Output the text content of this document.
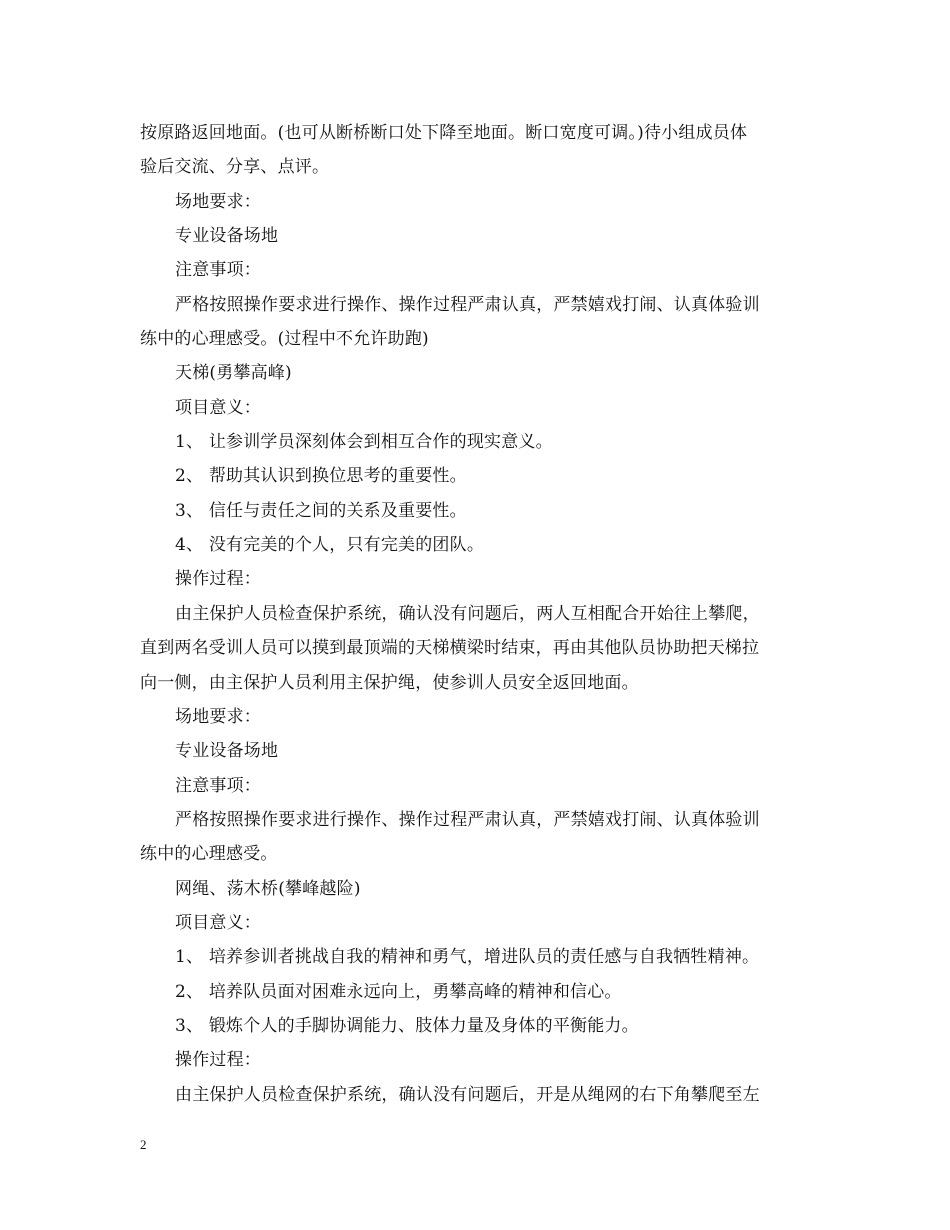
按原路返回地面。(也可从断桥断口处下降至地面。断口宽度可调。)待小组成员体
验后交流、分享、点评。
场地要求：
专业设备场地
注意事项：
严格按照操作要求进行操作、操作过程严肃认真，严禁嬉戏打闹、认真体验训
练中的心理感受。(过程中不允许助跑)
天梯(勇攀高峰)
项目意义：
1、 让参训学员深刻体会到相互合作的现实意义。
2、 帮助其认识到换位思考的重要性。
3、 信任与责任之间的关系及重要性。
4、 没有完美的个人，只有完美的团队。
操作过程：
由主保护人员检查保护系统，确认没有问题后，两人互相配合开始往上攀爬，
直到两名受训人员可以摸到最顶端的天梯横梁时结束，再由其他队员协助把天梯拉
向一侧，由主保护人员利用主保护绳，使参训人员安全返回地面。
场地要求：
专业设备场地
注意事项：
严格按照操作要求进行操作、操作过程严肃认真，严禁嬉戏打闹、认真体验训
练中的心理感受。
网绳、荡木桥(攀峰越险)
项目意义：
1、 培养参训者挑战自我的精神和勇气，增进队员的责任感与自我牺牲精神。
2、 培养队员面对困难永远向上，勇攀高峰的精神和信心。
3、 锻炼个人的手脚协调能力、肢体力量及身体的平衡能力。
操作过程：
由主保护人员检查保护系统，确认没有问题后，开是从绳网的右下角攀爬至左
2
